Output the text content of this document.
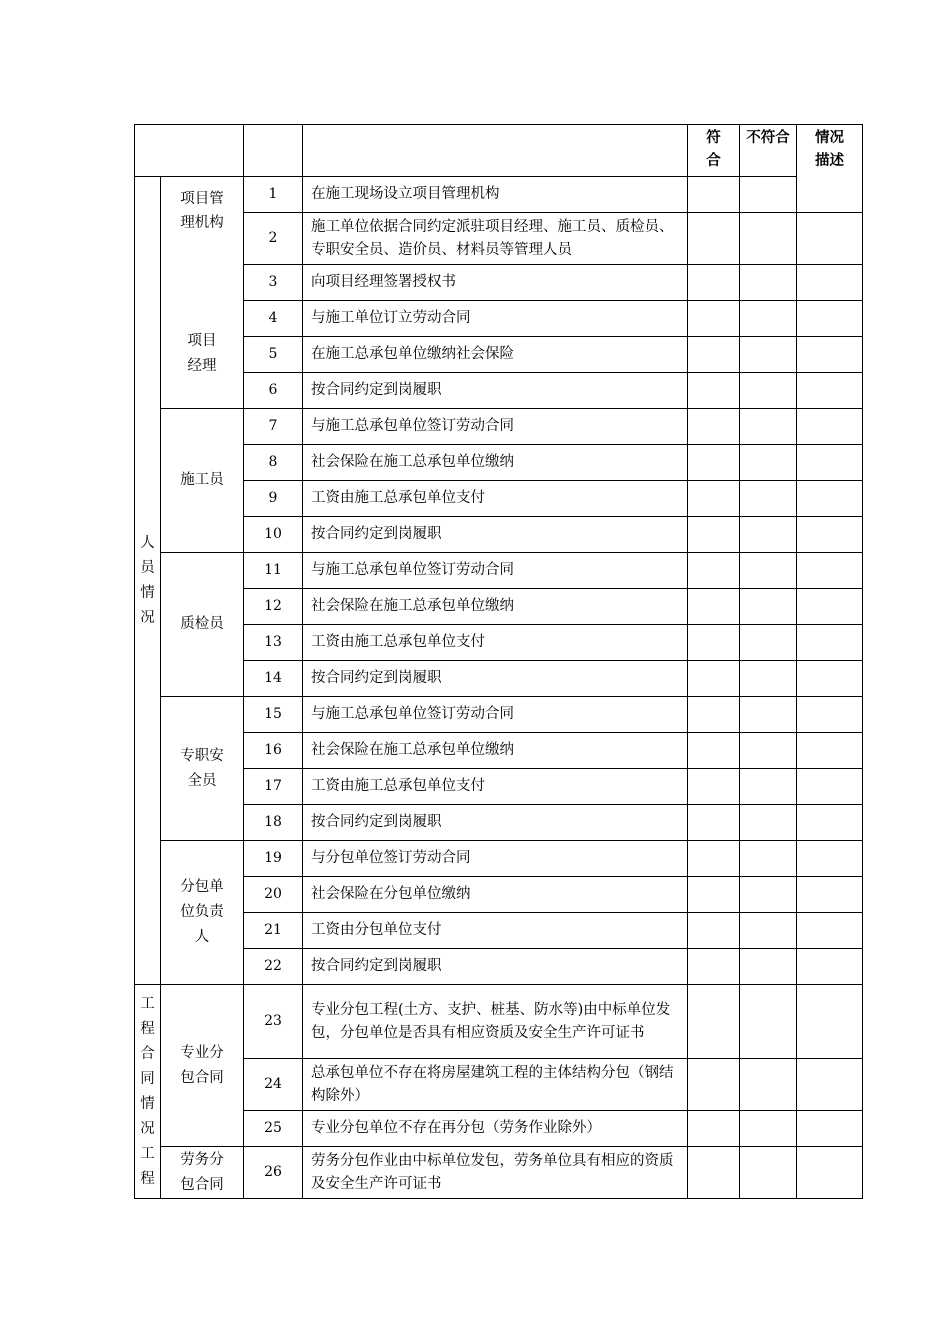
				符合	不符合	情况描述

人员情况	项目管理机构	1	在施工现场设立项目管理机构			
		2	施工单位依据合同约定派驻项目经理、施工员、质检员、专职安全员、造价员、材料员等管理人员			
		3	向项目经理签署授权书			

	项目经理	4	与施工单位订立劳动合同			
		5	在施工总承包单位缴纳社会保险			
		6	按合同约定到岗履职			
	施工员	7	与施工总承包单位签订劳动合同			
		8	社会保险在施工总承包单位缴纳			
		9	工资由施工总承包单位支付			
		10	按合同约定到岗履职			
	质检员	11	与施工总承包单位签订劳动合同			
		12	社会保险在施工总承包单位缴纳			
		13	工资由施工总承包单位支付			
		14	按合同约定到岗履职			

	专职安全员	15	与施工总承包单位签订劳动合同			
		16	社会保险在施工总承包单位缴纳			
		17	工资由施工总承包单位支付			
		18	按合同约定到岗履职			

	分包单位负责人	19	与分包单位签订劳动合同			
		20	社会保险在分包单位缴纳			
		21	工资由分包单位支付			
		22	按合同约定到岗履职			
工程合同情况工程	专业分包合同	23	专业分包工程(土方、支护、桩基、防水等)由中标单位发包，分包单位是否具有相应资质及安全生产许可证书			
		24	总承包单位不存在将房屋建筑工程的主体结构分包（钢结构除外）			
		25	专业分包单位不存在再分包（劳务作业除外）			

	劳务分包合同	26	劳务分包作业由中标单位发包，劳务单位具有相应的资质及安全生产许可证书			
